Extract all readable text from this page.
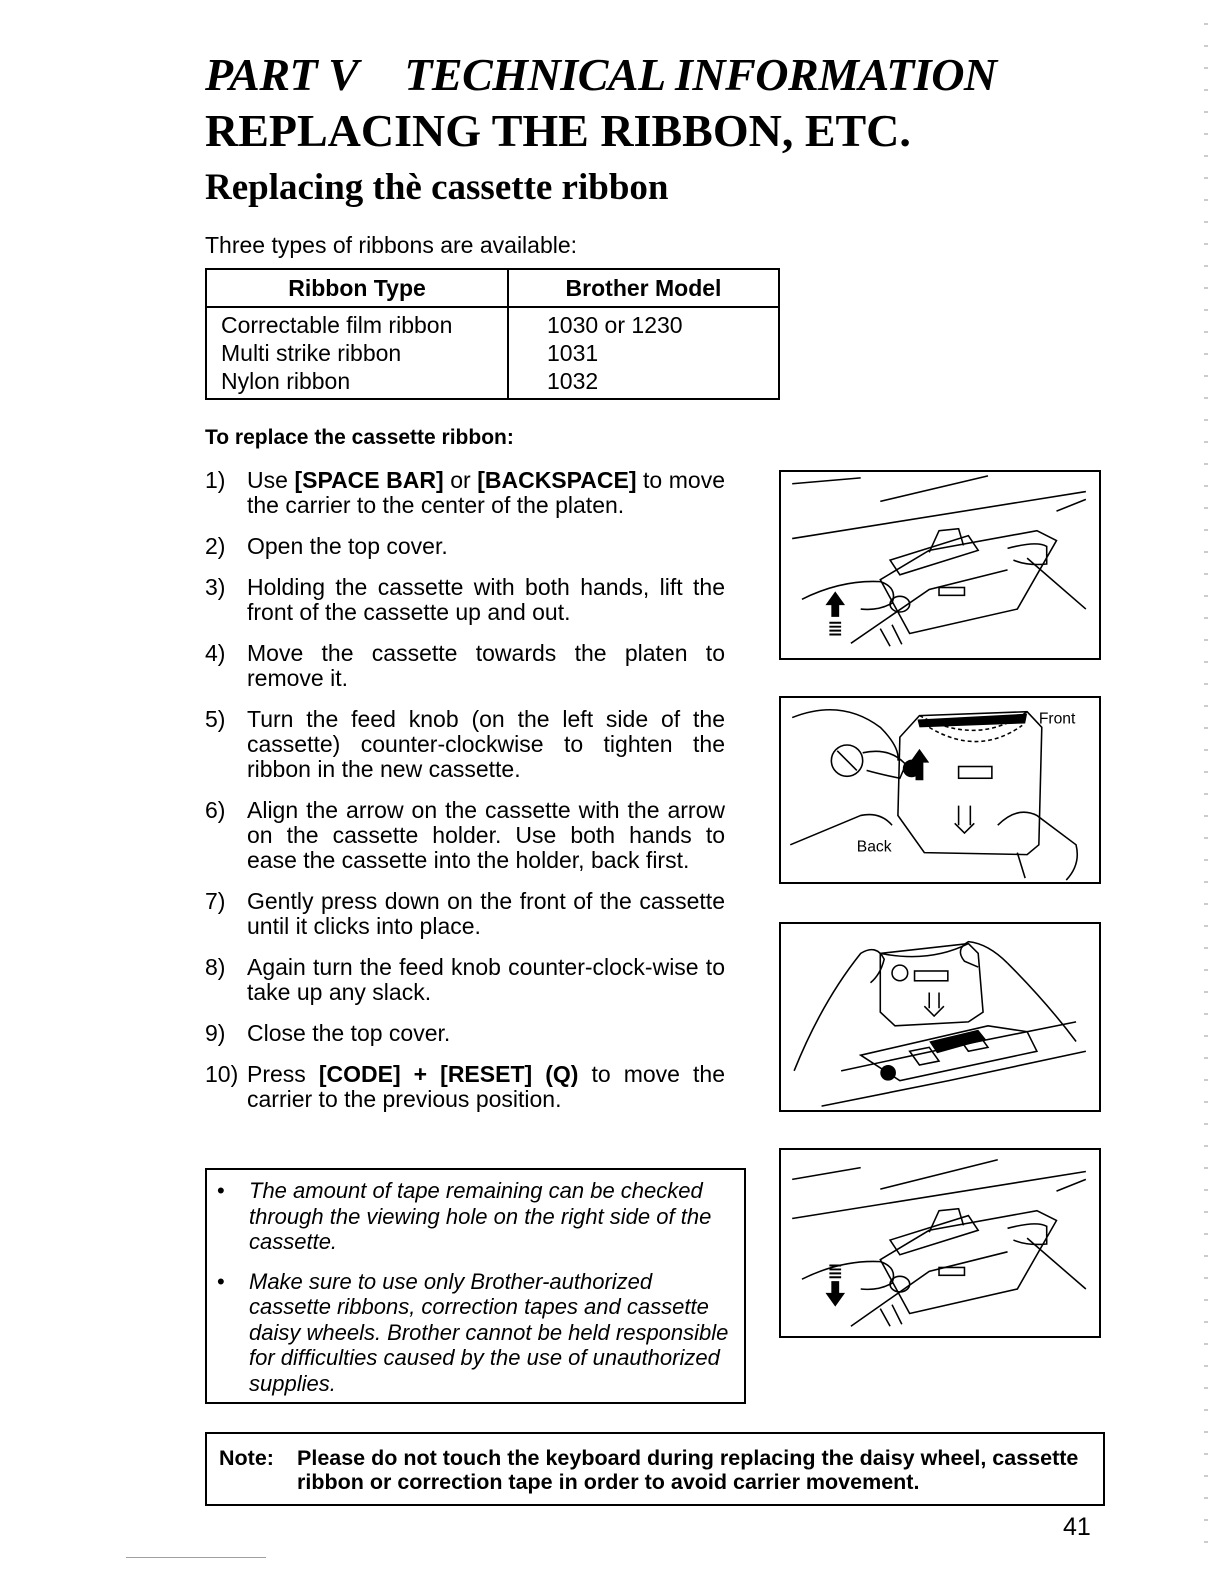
PART V TECHNICAL INFORMATION
REPLACING THE RIBBON, ETC.
Replacing thè cassette ribbon
Three types of ribbons are available:
Ribbon Type	Brother Model
Correctable film ribbon	1030 or 1230
Multi strike ribbon	1031
Nylon ribbon	1032
To replace the cassette ribbon:
1) Use [SPACE BAR] or [BACKSPACE] to move the carrier to the center of the platen.
2) Open the top cover.
3) Holding the cassette with both hands, lift the front of the cassette up and out.
4) Move the cassette towards the platen to remove it.
5) Turn the feed knob (on the left side of the cassette) counter-clockwise to tighten the ribbon in the new cassette.
6) Align the arrow on the cassette with the arrow on the cassette holder. Use both hands to ease the cassette into the holder, back first.
7) Gently press down on the front of the cassette until it clicks into place.
8) Again turn the feed knob counter-clock-wise to take up any slack.
9) Close the top cover.
10) Press [CODE] + [RESET] (Q) to move the carrier to the previous position.
•	The amount of tape remaining can be checked through the viewing hole on the right side of the cassette.
•	Make sure to use only Brother-authorized cassette ribbons, correction tapes and cassette daisy wheels. Brother cannot be held responsible for difficulties caused by the use of unauthorized supplies.
Front
Back
Note:	Please do not touch the keyboard during replacing the daisy wheel, cassette ribbon or correction tape in order to avoid carrier movement.
41
